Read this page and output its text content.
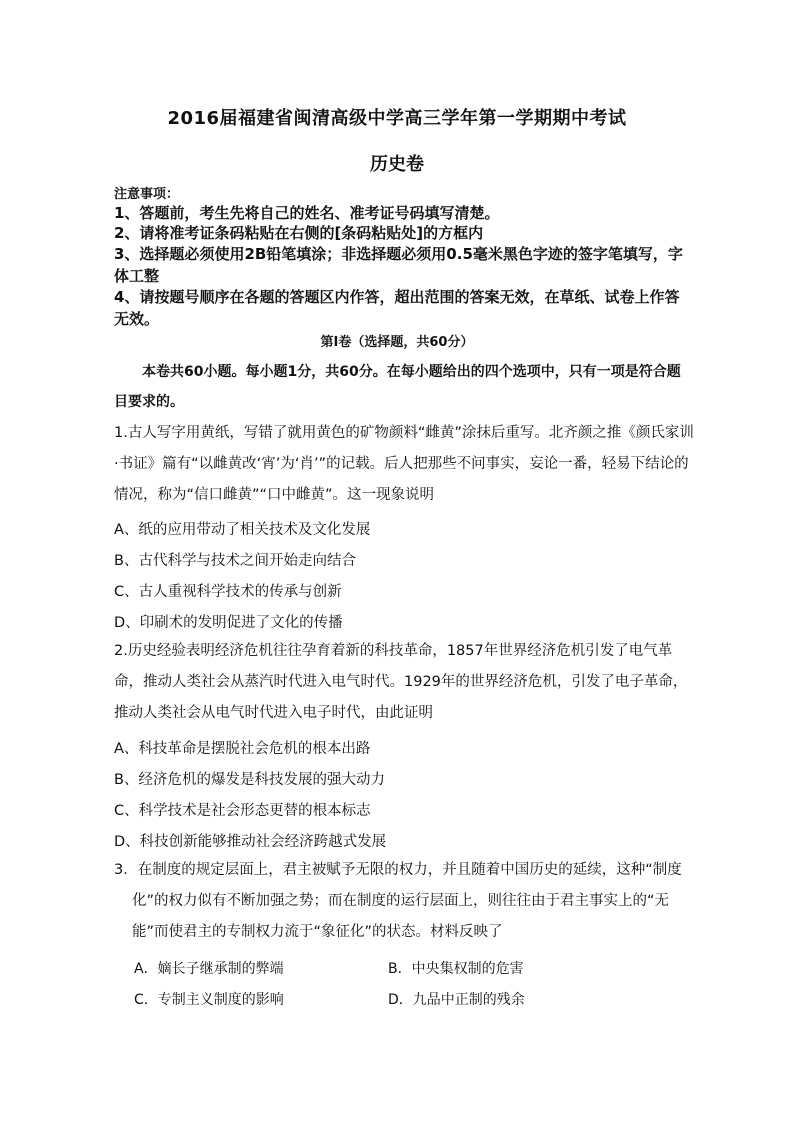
2016届福建省闽清高级中学高三学年第一学期期中考试
历史卷
注意事项：
1、答题前，考生先将自己的姓名、准考证号码填写清楚。
2、请将准考证条码粘贴在右侧的[条码粘贴处]的方框内
3、选择题必须使用2B铅笔填涂；非选择题必须用0.5毫米黑色字迹的签字笔填写，字体工整
4、请按题号顺序在各题的答题区内作答，超出范围的答案无效，在草纸、试卷上作答无效。
第Ⅰ卷（选择题，共60分）
本卷共60小题。每小题1分，共60分。在每小题给出的四个选项中，只有一项是符合题目要求的。
1.古人写字用黄纸，写错了就用黄色的矿物颜料“雌黄”涂抹后重写。北齐颜之推《颜氏家训·书证》篇有“以雌黄改‘宵’为‘肖’”的记载。后人把那些不问事实，妄论一番，轻易下结论的情况，称为“信口雌黄”“口中雌黄”。这一现象说明
A、纸的应用带动了相关技术及文化发展
B、古代科学与技术之间开始走向结合
C、古人重视科学技术的传承与创新
D、印刷术的发明促进了文化的传播
2.历史经验表明经济危机往往孕育着新的科技革命，1857年世界经济危机引发了电气革命，推动人类社会从蒸汽时代进入电气时代。1929年的世界经济危机，引发了电子革命，推动人类社会从电气时代进入电子时代，由此证明
A、科技革命是摆脱社会危机的根本出路
B、经济危机的爆发是科技发展的强大动力
C、科学技术是社会形态更替的根本标志
D、科技创新能够推动社会经济跨越式发展
3．在制度的规定层面上，君主被赋予无限的权力，并且随着中国历史的延续，这种“制度化”的权力似有不断加强之势；而在制度的运行层面上，则往往由于君主事实上的“无能”而使君主的专制权力流于“象征化”的状态。材料反映了
A．嫡长子继承制的弊端	B．中央集权制的危害
C．专制主义制度的影响	D．九品中正制的残余
